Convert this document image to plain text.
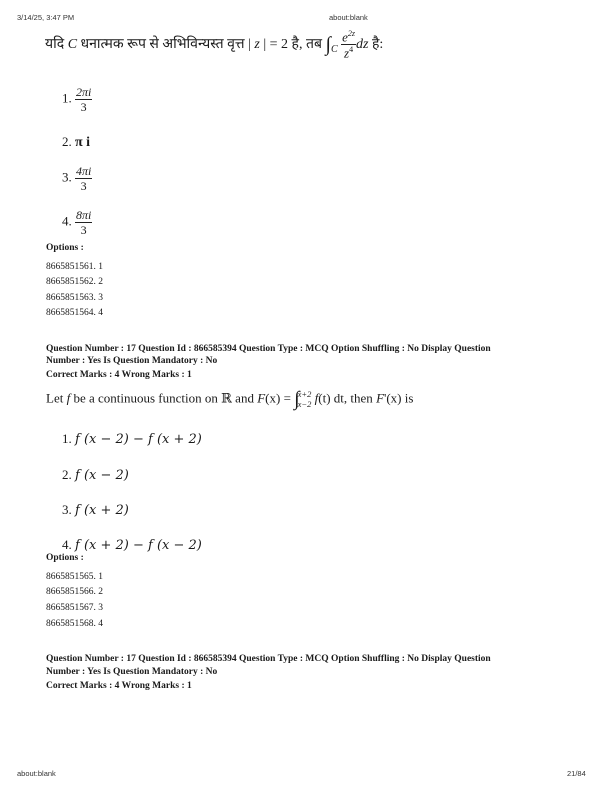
3/14/25, 3:47 PM	about:blank
यदि C धनात्मक रूप से अभिविन्यस्त वृत्त | z | = 2 है, तब $\int_C \frac{e^{2z}}{z^4}$ dz है:
1. $\frac{2\pi i}{3}$
2. π i
3. $\frac{4\pi i}{3}$
4. $\frac{8\pi i}{3}$
Options :
8665851561. 1
8665851562. 2
8665851563. 3
8665851564. 4
Question Number : 17 Question Id : 866585394 Question Type : MCQ Option Shuffling : No Display Question
Number : Yes Is Question Mandatory : No
Correct Marks : 4 Wrong Marks : 1
Let f be a continuous function on ℝ and F(x) = ∫
x+2
x−2 f(t) dt, then F'(x) is
1. f (x − 2) − f (x + 2)
2. f (x − 2)
3. f (x + 2)
4. f (x + 2) − f (x − 2)
Options :
8665851565. 1
8665851566. 2
8665851567. 3
8665851568. 4
Question Number : 17 Question Id : 866585394 Question Type : MCQ Option Shuffling : No Display Question
Number : Yes Is Question Mandatory : No
Correct Marks : 4 Wrong Marks : 1
about:blank	21/84
